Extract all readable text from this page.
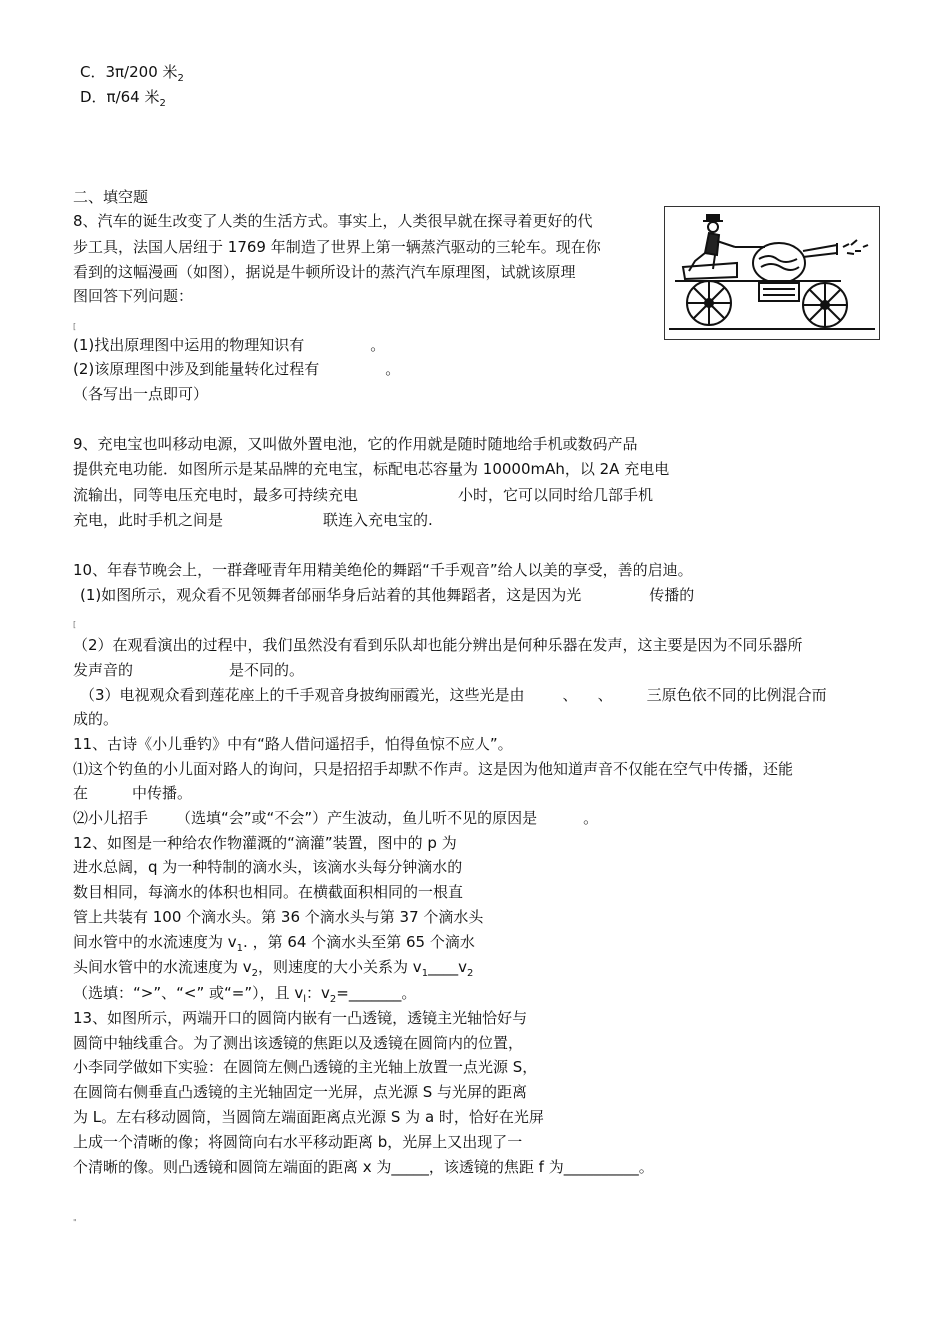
C．3π/200 米$_2$
D．π/64 米$_2$
二、填空题
8、汽车的诞生改变了人类的生活方式。事实上，人类很早就在探寻着更好的代
步工具，法国人居纽于 1769 年制造了世界上第一辆蒸汽驱动的三轮车。现在你
看到的这幅漫画（如图），据说是牛顿所设计的蒸汽汽车原理图，试就该原理
图回答下列问题：
[
(1)找出原理图中运用的物理知识有	。
(2)该原理图中涉及到能量转化过程有	。
（各写出一点即可）
9、充电宝也叫移动电源，又叫做外置电池，它的作用就是随时随地给手机或数码产品
提供充电功能．如图所示是某品牌的充电宝，标配电芯容量为 10000mAh，以 2A 充电电
流输出，同等电压充电时，最多可持续充电	小时，它可以同时给几部手机
充电，此时手机之间是	联连入充电宝的.
10、年春节晚会上，一群聋哑青年用精美绝伦的舞蹈“千手观音”给人以美的享受，善的启迪。
(1)如图所示，观众看不见领舞者邰丽华身后站着的其他舞蹈者，这是因为光	传播的
[
（2）在观看演出的过程中，我们虽然没有看到乐队却也能分辨出是何种乐器在发声，这主要是因为不同乐器所
发声音的	是不同的。
（3）电视观众看到莲花座上的千手观音身披绚丽霞光，这些光是由	、 、 三原色依不同的比例混合而
成的。
11、古诗《小儿垂钓》中有“路人借问遥招手，怕得鱼惊不应人”。
⑴这个钓鱼的小儿面对路人的询问，只是招招手却默不作声。这是因为他知道声音不仅能在空气中传播，还能
在	中传播。
⑵小儿招手 （选填“会”或“不会”）产生波动，鱼儿听不见的原因是	。
12、如图是一种给农作物灌溉的“滴灌”装置，图中的 p 为
进水总阔，q 为一种特制的滴水头，该滴水头每分钟滴水的
数目相同，每滴水的体积也相同。在横截面积相同的一根直
管上共装有 100 个滴水头。第 36 个滴水头与第 37 个滴水头
间水管中的水流速度为 $v_1$. ，第 64 个滴水头至第 65 个滴水
头间水管中的水流速度为 $v_2$，则速度的大小关系为 $v_1\_\_\_\_v_2$
（选填：“>”、“<” 或“=”），且 $v_l$：$v_2=\_\_\_\_\_\_\_$。
13、如图所示，两端开口的圆筒内嵌有一凸透镜，透镜主光轴恰好与
圆筒中轴线重合。为了测出该透镜的焦距以及透镜在圆筒内的位置，
小李同学做如下实验：在圆筒左侧凸透镜的主光轴上放置一点光源 S，
在圆筒右侧垂直凸透镜的主光轴固定一光屏，点光源 S 与光屏的距离
为 L。左右移动圆筒，当圆筒左端面距离点光源 S 为 a 时，恰好在光屏
上成一个清晰的像；将圆筒向右水平移动距离 b，光屏上又出现了一
个清晰的像。则凸透镜和圆筒左端面的距离 x 为_____，该透镜的焦距 f 为__________。
"
